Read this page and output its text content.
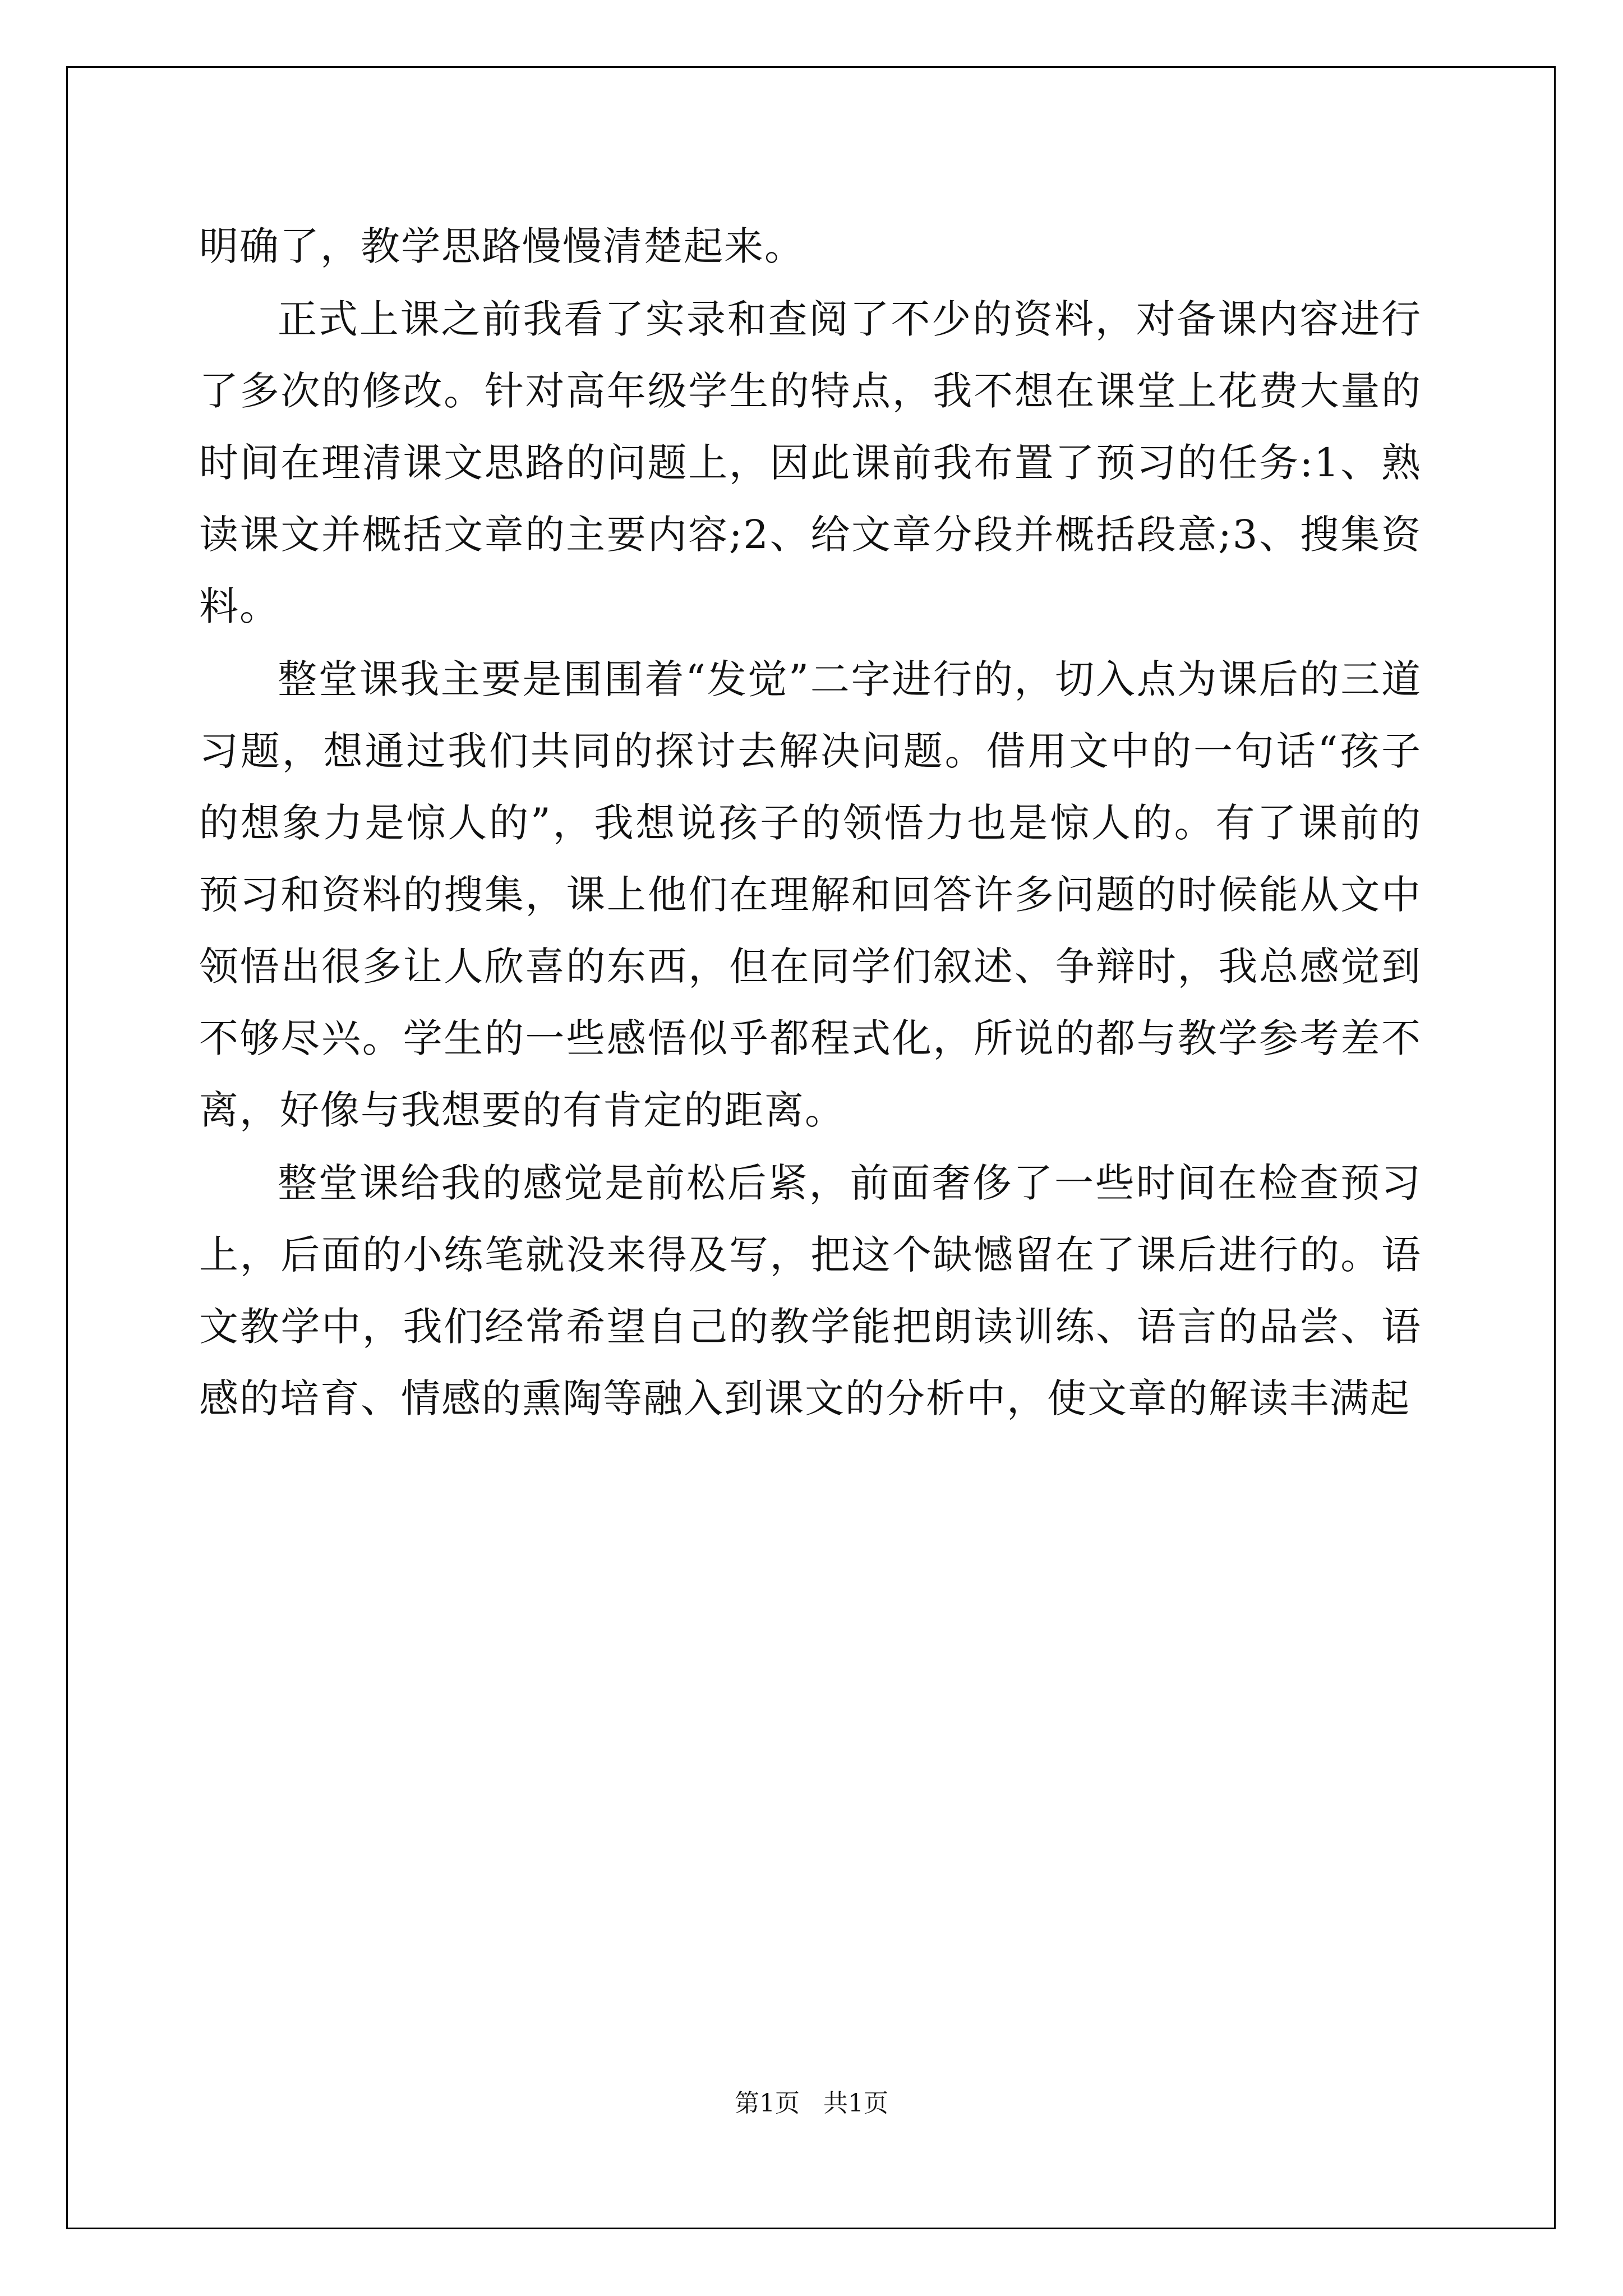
明确了，教学思路慢慢清楚起来。

正式上课之前我看了实录和查阅了不少的资料，对备课内容进行了多次的修改。针对高年级学生的特点，我不想在课堂上花费大量的时间在理清课文思路的问题上，因此课前我布置了预习的任务:1、熟读课文并概括文章的主要内容;2、给文章分段并概括段意;3、搜集资料。

整堂课我主要是围围着“发觉”二字进行的，切入点为课后的三道习题，想通过我们共同的探讨去解决问题。借用文中的一句话“孩子的想象力是惊人的”，我想说孩子的领悟力也是惊人的。有了课前的预习和资料的搜集，课上他们在理解和回答许多问题的时候能从文中领悟出很多让人欣喜的东西，但在同学们叙述、争辩时，我总感觉到不够尽兴。学生的一些感悟似乎都程式化，所说的都与教学参考差不离，好像与我想要的有肯定的距离。

整堂课给我的感觉是前松后紧，前面奢侈了一些时间在检查预习上，后面的小练笔就没来得及写，把这个缺憾留在了课后进行的。语文教学中，我们经常希望自己的教学能把朗读训练、语言的品尝、语感的培育、情感的熏陶等融入到课文的分析中，使文章的解读丰满起

第1页 共1页
